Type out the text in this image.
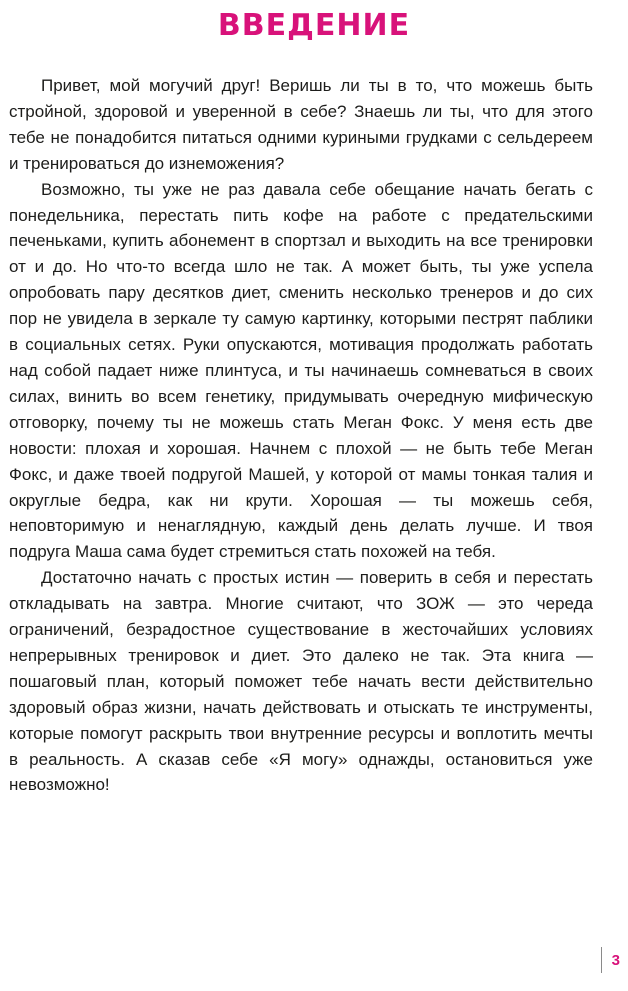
ВВЕДЕНИЕ

Привет, мой могучий друг! Веришь ли ты в то, что можешь быть стройной, здоровой и уверенной в себе? Знаешь ли ты, что для этого тебе не понадобится питаться одними куриными грудками с сельдереем и тренироваться до изнеможения?

Возможно, ты уже не раз давала себе обещание начать бегать с понедельника, перестать пить кофе на работе с предательскими печеньками, купить абонемент в спортзал и выходить на все тренировки от и до. Но что-то всегда шло не так. А может быть, ты уже успела опробовать пару десятков диет, сменить несколько тренеров и до сих пор не увидела в зеркале ту самую картинку, которыми пестрят паблики в социальных сетях. Руки опускаются, мотивация продолжать работать над собой падает ниже плинтуса, и ты начинаешь сомневаться в своих силах, винить во всем генетику, придумывать очередную мифическую отговорку, почему ты не можешь стать Меган Фокс. У меня есть две новости: плохая и хорошая. Начнем с плохой — не быть тебе Меган Фокс, и даже твоей подругой Машей, у которой от мамы тонкая талия и округлые бедра, как ни крути. Хорошая — ты можешь себя, неповторимую и ненаглядную, каждый день делать лучше. И твоя подруга Маша сама будет стремиться стать похожей на тебя.

Достаточно начать с простых истин — поверить в себя и перестать откладывать на завтра. Многие считают, что ЗОЖ — это череда ограничений, безрадостное существование в жесточайших условиях непрерывных тренировок и диет. Это далеко не так. Эта книга — пошаговый план, который поможет тебе начать вести действительно здоровый образ жизни, начать действовать и отыскать те инструменты, которые помогут раскрыть твои внутренние ресурсы и воплотить мечты в реальность. А сказав себе «Я могу» однажды, остановиться уже невозможно!

3
